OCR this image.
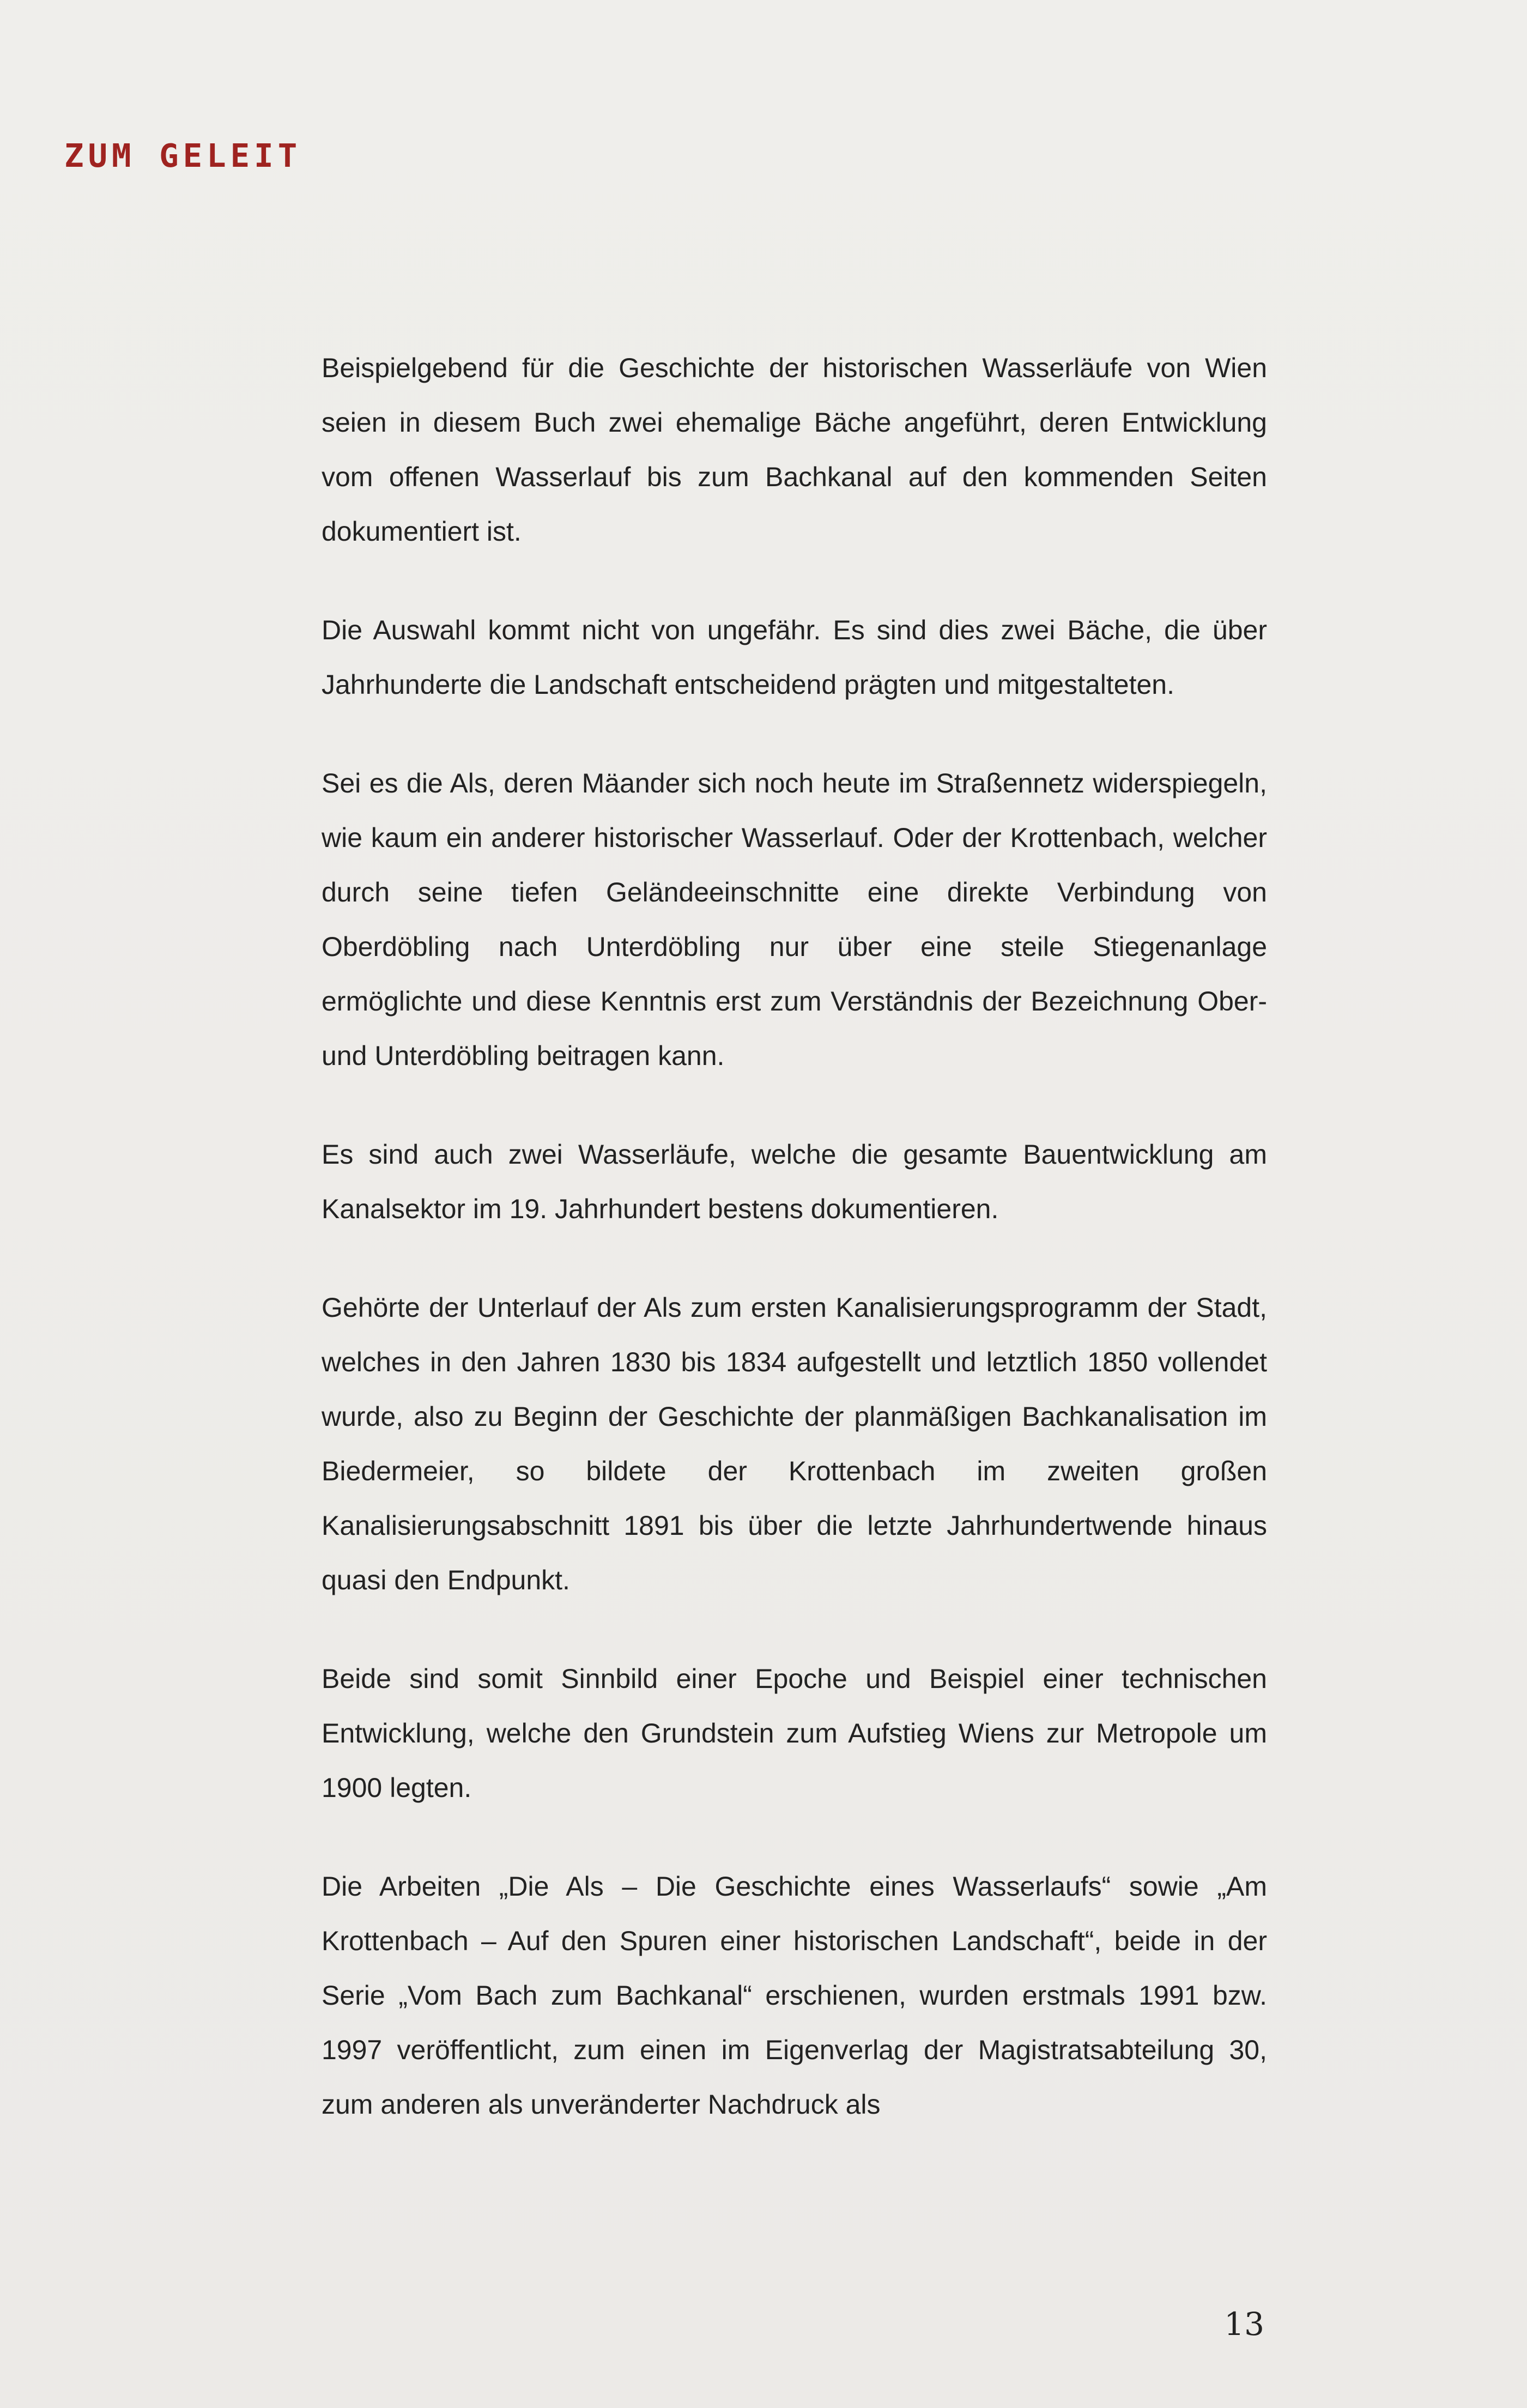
ZUM GELEIT

Beispielgebend für die Geschichte der historischen Wasserläufe von Wien seien in diesem Buch zwei ehemalige Bäche angeführt, deren Entwicklung vom offenen Wasserlauf bis zum Bachkanal auf den kommenden Seiten dokumentiert ist.

Die Auswahl kommt nicht von ungefähr. Es sind dies zwei Bäche, die über Jahrhunderte die Landschaft entscheidend prägten und mitgestalteten.

Sei es die Als, deren Mäander sich noch heute im Straßennetz widerspiegeln, wie kaum ein anderer historischer Wasserlauf. Oder der Krottenbach, welcher durch seine tiefen Geländeeinschnitte eine direkte Verbindung von Oberdöbling nach Unterdöbling nur über eine steile Stiegenanlage ermöglichte und diese Kenntnis erst zum Verständnis der Bezeichnung Ober- und Unterdöbling beitragen kann.

Es sind auch zwei Wasserläufe, welche die gesamte Bauentwicklung am Kanalsektor im 19. Jahrhundert bestens dokumentieren.

Gehörte der Unterlauf der Als zum ersten Kanalisierungsprogramm der Stadt, welches in den Jahren 1830 bis 1834 aufgestellt und letztlich 1850 vollendet wurde, also zu Beginn der Geschichte der planmäßigen Bachkanalisation im Biedermeier, so bildete der Krottenbach im zweiten großen Kanalisierungsabschnitt 1891 bis über die letzte Jahrhundertwende hinaus quasi den Endpunkt.

Beide sind somit Sinnbild einer Epoche und Beispiel einer technischen Entwicklung, welche den Grundstein zum Aufstieg Wiens zur Metropole um 1900 legten.

Die Arbeiten „Die Als – Die Geschichte eines Wasserlaufs“ sowie „Am Krottenbach – Auf den Spuren einer historischen Landschaft“, beide in der Serie „Vom Bach zum Bachkanal“ erschienen, wurden erstmals 1991 bzw. 1997 veröffentlicht, zum einen im Eigenverlag der Magistratsabteilung 30, zum anderen als unveränderter Nachdruck als

13
